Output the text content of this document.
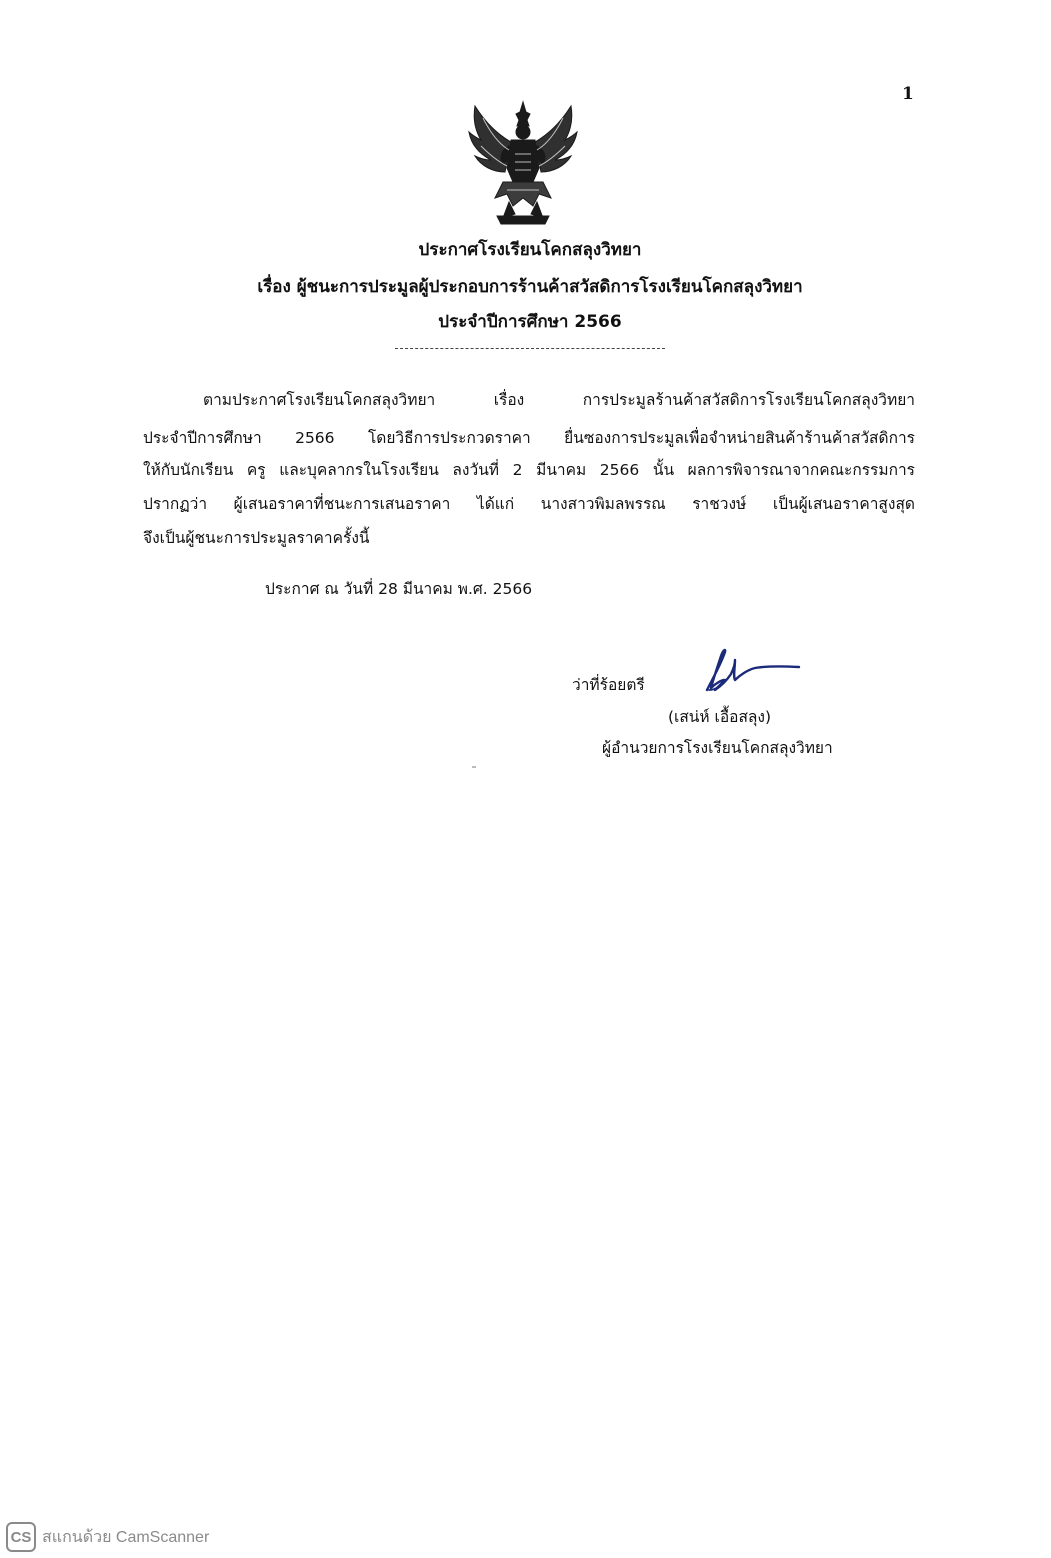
1
ประกาศโรงเรียนโคกสลุงวิทยา
เรื่อง ผู้ชนะการประมูลผู้ประกอบการร้านค้าสวัสดิการโรงเรียนโคกสลุงวิทยา
ประจำปีการศึกษา 2566
ตามประกาศโรงเรียนโคกสลุงวิทยา เรื่อง การประมูลร้านค้าสวัสดิการโรงเรียนโคกสลุงวิทยา
ประจำปีการศึกษา 2566 โดยวิธีการประกวดราคา ยื่นซองการประมูลเพื่อจำหน่ายสินค้าร้านค้าสวัสดิการ
ให้กับนักเรียน ครู และบุคลากรในโรงเรียน ลงวันที่ 2 มีนาคม 2566 นั้น ผลการพิจารณาจากคณะกรรมการ
ปรากฏว่า ผู้เสนอราคาที่ชนะการเสนอราคา ได้แก่ นางสาวพิมลพรรณ ราชวงษ์ เป็นผู้เสนอราคาสูงสุด
จึงเป็นผู้ชนะการประมูลราคาครั้งนี้
ประกาศ ณ วันที่ 28 มีนาคม พ.ศ. 2566
ว่าที่ร้อยตรี
(เสน่ห์ เอื้อสลุง)
ผู้อำนวยการโรงเรียนโคกสลุงวิทยา
CS สแกนด้วย CamScanner
